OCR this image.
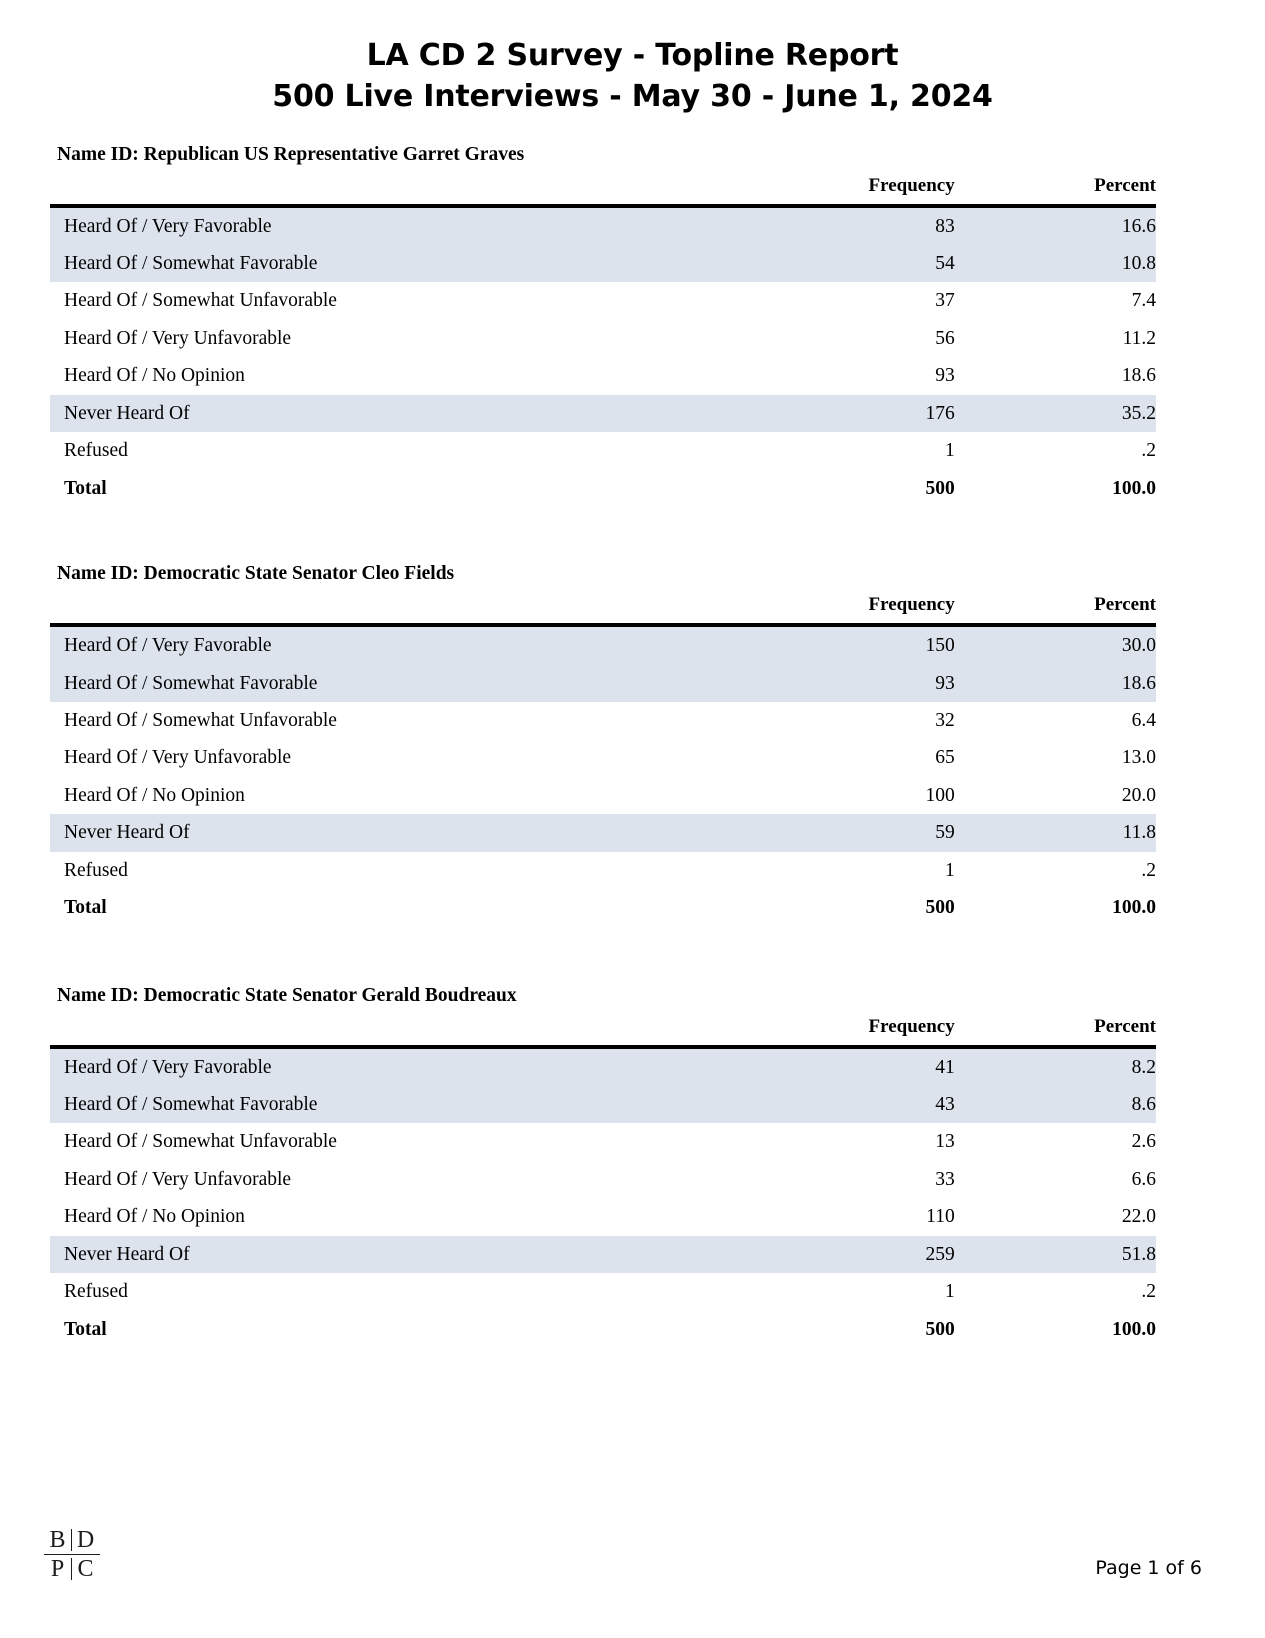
LA CD 2 Survey - Topline Report
500 Live Interviews - May 30 - June 1, 2024
Name ID: Republican US Representative Garret Graves
	Frequency	Percent
Heard Of / Very Favorable	83	16.6
Heard Of / Somewhat Favorable	54	10.8
Heard Of / Somewhat Unfavorable	37	7.4
Heard Of / Very Unfavorable	56	11.2
Heard Of / No Opinion	93	18.6
Never Heard Of	176	35.2
Refused	1	.2
Total	500	100.0
Name ID: Democratic State Senator Cleo Fields
	Frequency	Percent
Heard Of / Very Favorable	150	30.0
Heard Of / Somewhat Favorable	93	18.6
Heard Of / Somewhat Unfavorable	32	6.4
Heard Of / Very Unfavorable	65	13.0
Heard Of / No Opinion	100	20.0
Never Heard Of	59	11.8
Refused	1	.2
Total	500	100.0
Name ID: Democratic State Senator Gerald Boudreaux
	Frequency	Percent
Heard Of / Very Favorable	41	8.2
Heard Of / Somewhat Favorable	43	8.6
Heard Of / Somewhat Unfavorable	13	2.6
Heard Of / Very Unfavorable	33	6.6
Heard Of / No Opinion	110	22.0
Never Heard Of	259	51.8
Refused	1	.2
Total	500	100.0
B D
P C	Page 1 of 6
